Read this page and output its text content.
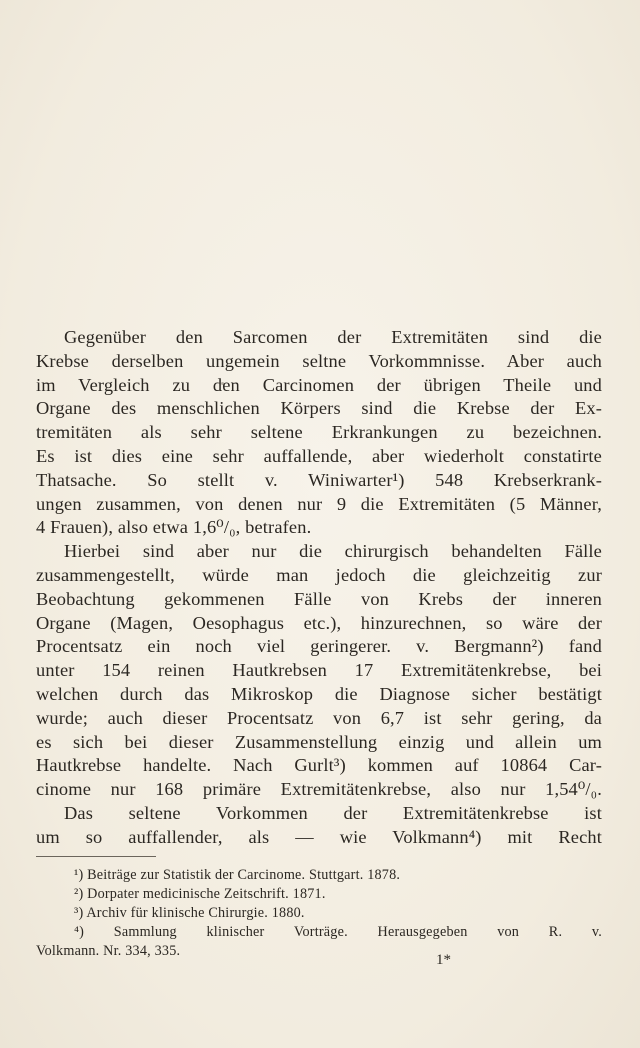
Gegenüber den Sarcomen der Extremitäten sind die
Krebse derselben ungemein seltne Vorkommnisse. Aber auch
im Vergleich zu den Carcinomen der übrigen Theile und
Organe des menschlichen Körpers sind die Krebse der Ex-
tremitäten als sehr seltene Erkrankungen zu bezeichnen.
Es ist dies eine sehr auffallende, aber wiederholt constatirte
Thatsache. So stellt v. Winiwarter¹) 548 Krebserkrank-
ungen zusammen, von denen nur 9 die Extremitäten (5 Männer,
4 Frauen), also etwa 1,6⁰/₀, betrafen.
Hierbei sind aber nur die chirurgisch behandelten Fälle
zusammengestellt, würde man jedoch die gleichzeitig zur
Beobachtung gekommenen Fälle von Krebs der inneren
Organe (Magen, Oesophagus etc.), hinzurechnen, so wäre der
Procentsatz ein noch viel geringerer. v. Bergmann²) fand
unter 154 reinen Hautkrebsen 17 Extremitätenkrebse, bei
welchen durch das Mikroskop die Diagnose sicher bestätigt
wurde; auch dieser Procentsatz von 6,7 ist sehr gering, da
es sich bei dieser Zusammenstellung einzig und allein um
Hautkrebse handelte. Nach Gurlt³) kommen auf 10864 Car-
cinome nur 168 primäre Extremitätenkrebse, also nur 1,54⁰/₀.
Das seltene Vorkommen der Extremitätenkrebse ist
um so auffallender, als — wie Volkmann⁴) mit Recht
¹) Beiträge zur Statistik der Carcinome. Stuttgart. 1878.
²) Dorpater medicinische Zeitschrift. 1871.
³) Archiv für klinische Chirurgie. 1880.
⁴) Sammlung klinischer Vorträge. Herausgegeben von R. v.
Volkmann. Nr. 334, 335.
1*
